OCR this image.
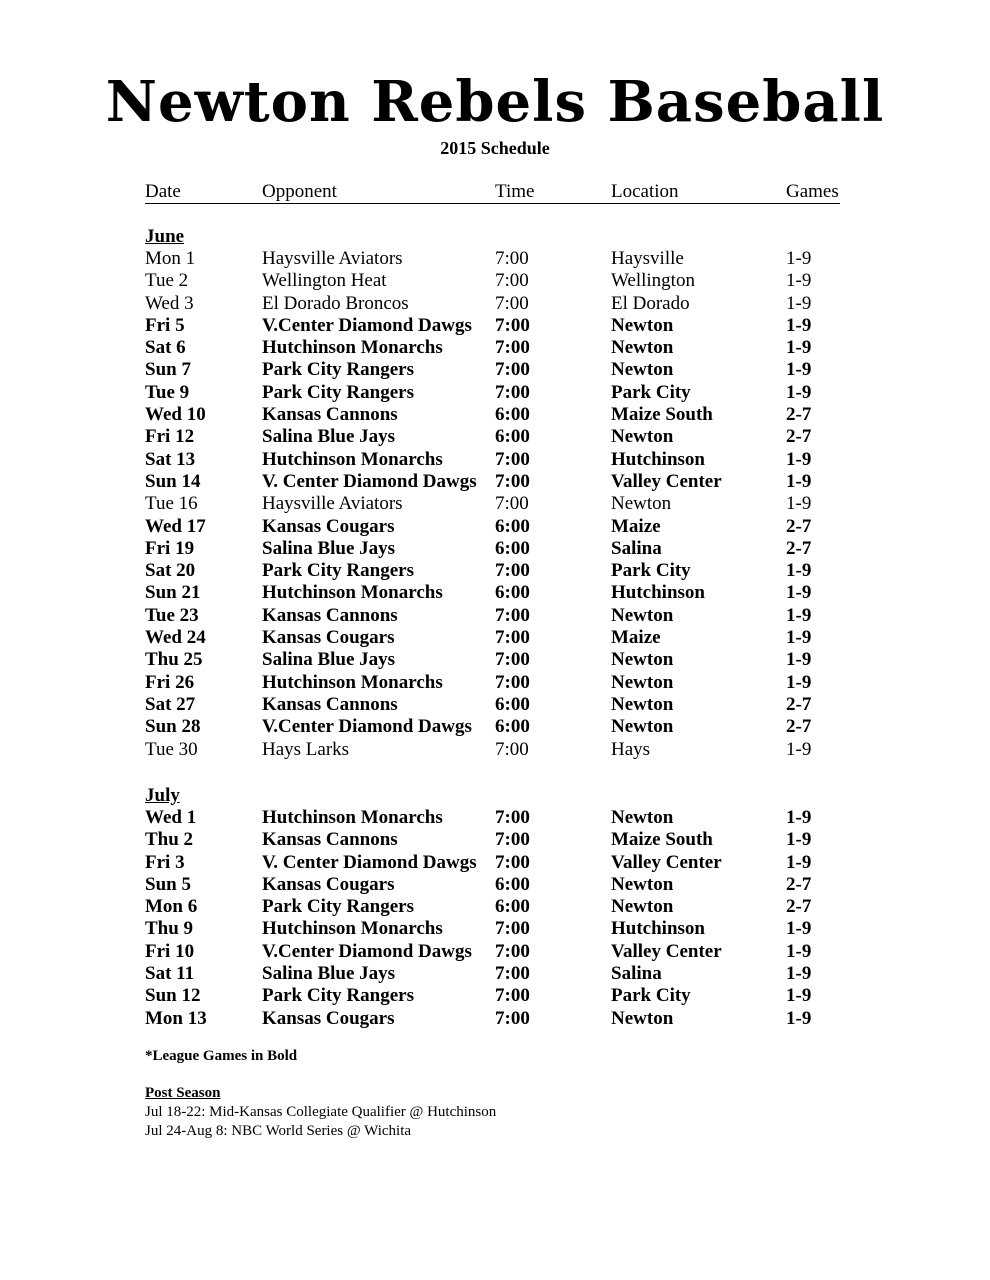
Newton Rebels Baseball
2015 Schedule
Date	Opponent	Time	Location	Games
June
Mon 1	Haysville Aviators	7:00	Haysville	1-9
Tue 2	Wellington Heat	7:00	Wellington	1-9
Wed 3	El Dorado Broncos	7:00	El Dorado	1-9
Fri 5	V.Center Diamond Dawgs 7:00	Newton	1-9
Sat 6	Hutchinson Monarchs	7:00	Newton	1-9
Sun 7	Park City Rangers	7:00	Newton	1-9
Tue 9	Park City Rangers	7:00	Park City	1-9
Wed 10	Kansas Cannons	6:00	Maize South	2-7
Fri 12	Salina Blue Jays	6:00	Newton	2-7
Sat 13	Hutchinson Monarchs	7:00	Hutchinson	1-9
Sun 14	V. Center Diamond Dawgs 7:00	Valley Center	1-9
Tue 16	Haysville Aviators	7:00	Newton	1-9
Wed 17	Kansas Cougars	6:00	Maize	2-7
Fri 19	Salina Blue Jays	6:00	Salina	2-7
Sat 20	Park City Rangers	7:00	Park City	1-9
Sun 21	Hutchinson Monarchs	6:00	Hutchinson	1-9
Tue 23	Kansas Cannons	7:00	Newton	1-9
Wed 24	Kansas Cougars	7:00	Maize	1-9
Thu 25	Salina Blue Jays	7:00	Newton	1-9
Fri 26	Hutchinson Monarchs	7:00	Newton	1-9
Sat 27	Kansas Cannons	6:00	Newton	2-7
Sun 28	V.Center Diamond Dawgs 6:00	Newton	2-7
Tue 30	Hays Larks	7:00	Hays	1-9
July
Wed 1	Hutchinson Monarchs	7:00	Newton	1-9
Thu 2	Kansas Cannons	7:00	Maize South	1-9
Fri 3	V. Center Diamond Dawgs 7:00	Valley Center	1-9
Sun 5	Kansas Cougars	6:00	Newton	2-7
Mon 6	Park City Rangers	6:00	Newton	2-7
Thu 9	Hutchinson Monarchs	7:00	Hutchinson	1-9
Fri 10	V.Center Diamond Dawgs 7:00	Valley Center	1-9
Sat 11	Salina Blue Jays	7:00	Salina	1-9
Sun 12	Park City Rangers	7:00	Park City	1-9
Mon 13	Kansas Cougars	7:00	Newton	1-9
*League Games in Bold
Post Season
Jul 18-22: Mid-Kansas Collegiate Qualifier @ Hutchinson
Jul 24-Aug 8: NBC World Series @ Wichita
